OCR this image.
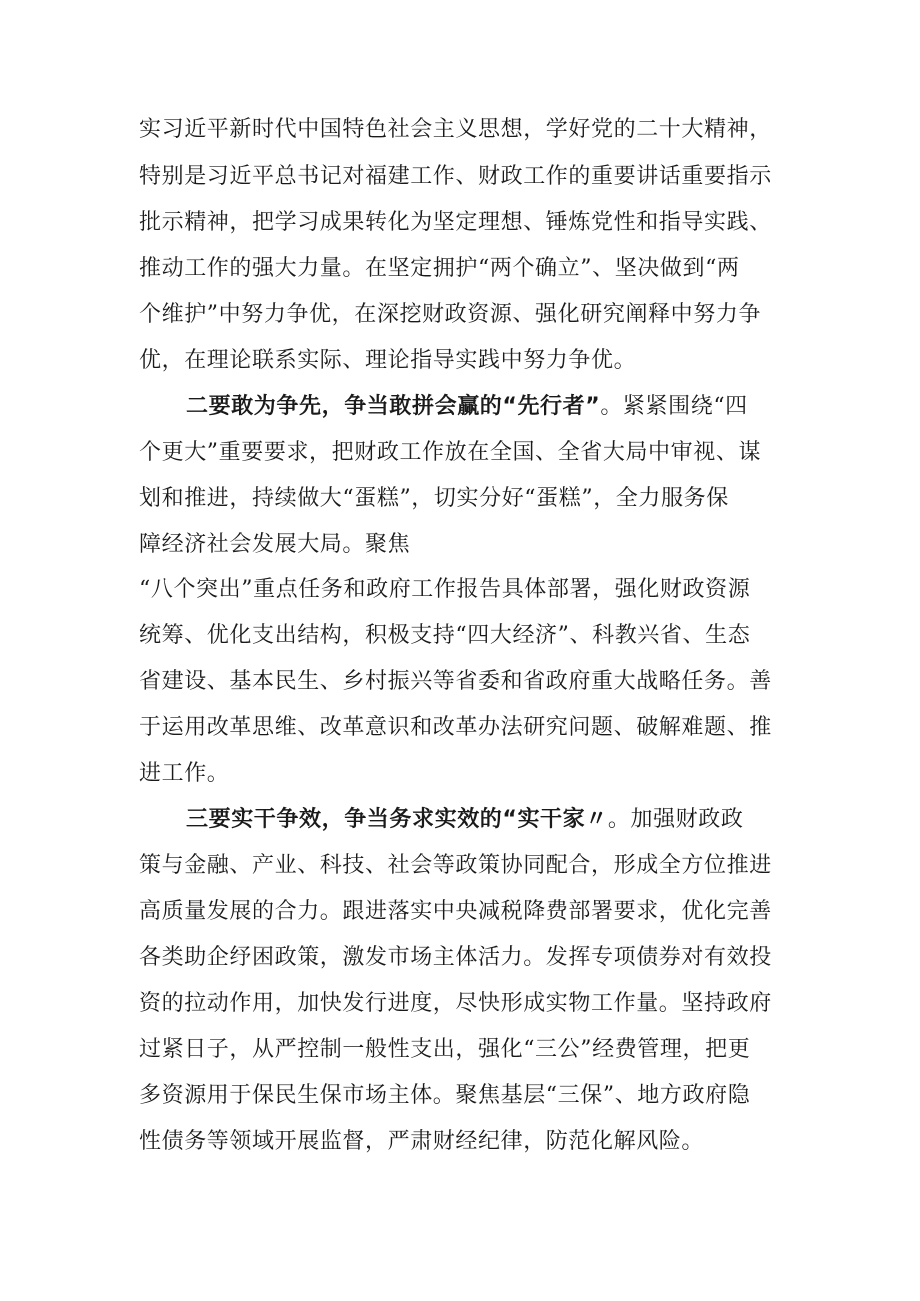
实习近平新时代中国特色社会主义思想，学好党的二十大精神，
特别是习近平总书记对福建工作、财政工作的重要讲话重要指示
批示精神，把学习成果转化为坚定理想、锤炼党性和指导实践、
推动工作的强大力量。在坚定拥护“两个确立”、坚决做到“两
个维护”中努力争优，在深挖财政资源、强化研究阐释中努力争
优，在理论联系实际、理论指导实践中努力争优。
二要敢为争先，争当敢拼会赢的“先行者”。紧紧围绕“四
个更大”重要要求，把财政工作放在全国、全省大局中审视、谋
划和推进，持续做大“蛋糕”，切实分好“蛋糕”，全力服务保
障经济社会发展大局。聚焦
“八个突出”重点任务和政府工作报告具体部署，强化财政资源
统筹、优化支出结构，积极支持“四大经济”、科教兴省、生态
省建设、基本民生、乡村振兴等省委和省政府重大战略任务。善
于运用改革思维、改革意识和改革办法研究问题、破解难题、推
进工作。
三要实干争效，争当务求实效的“实干家〃。加强财政政
策与金融、产业、科技、社会等政策协同配合，形成全方位推进
高质量发展的合力。跟进落实中央减税降费部署要求，优化完善
各类助企纾困政策，激发市场主体活力。发挥专项债券对有效投
资的拉动作用，加快发行进度，尽快形成实物工作量。坚持政府
过紧日子，从严控制一般性支出，强化“三公”经费管理，把更
多资源用于保民生保市场主体。聚焦基层“三保”、地方政府隐
性债务等领域开展监督，严肃财经纪律，防范化解风险。
